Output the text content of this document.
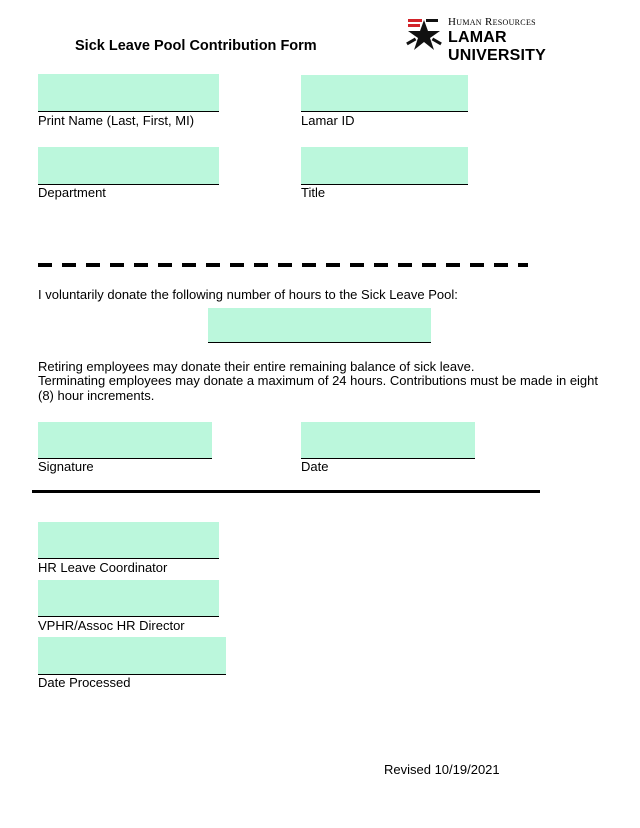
Sick Leave Pool Contribution Form
Human Resources
LAMAR UNIVERSITY
Print Name (Last, First, MI)	Lamar ID
Department	Title
I voluntarily donate the following number of hours to the Sick Leave Pool:
Retiring employees may donate their entire remaining balance of sick leave.
Terminating employees may donate a maximum of 24 hours. Contributions must be made in eight (8) hour increments.
Signature	Date
HR Leave Coordinator
VPHR/Assoc HR Director
Date Processed
Revised 10/19/2021
